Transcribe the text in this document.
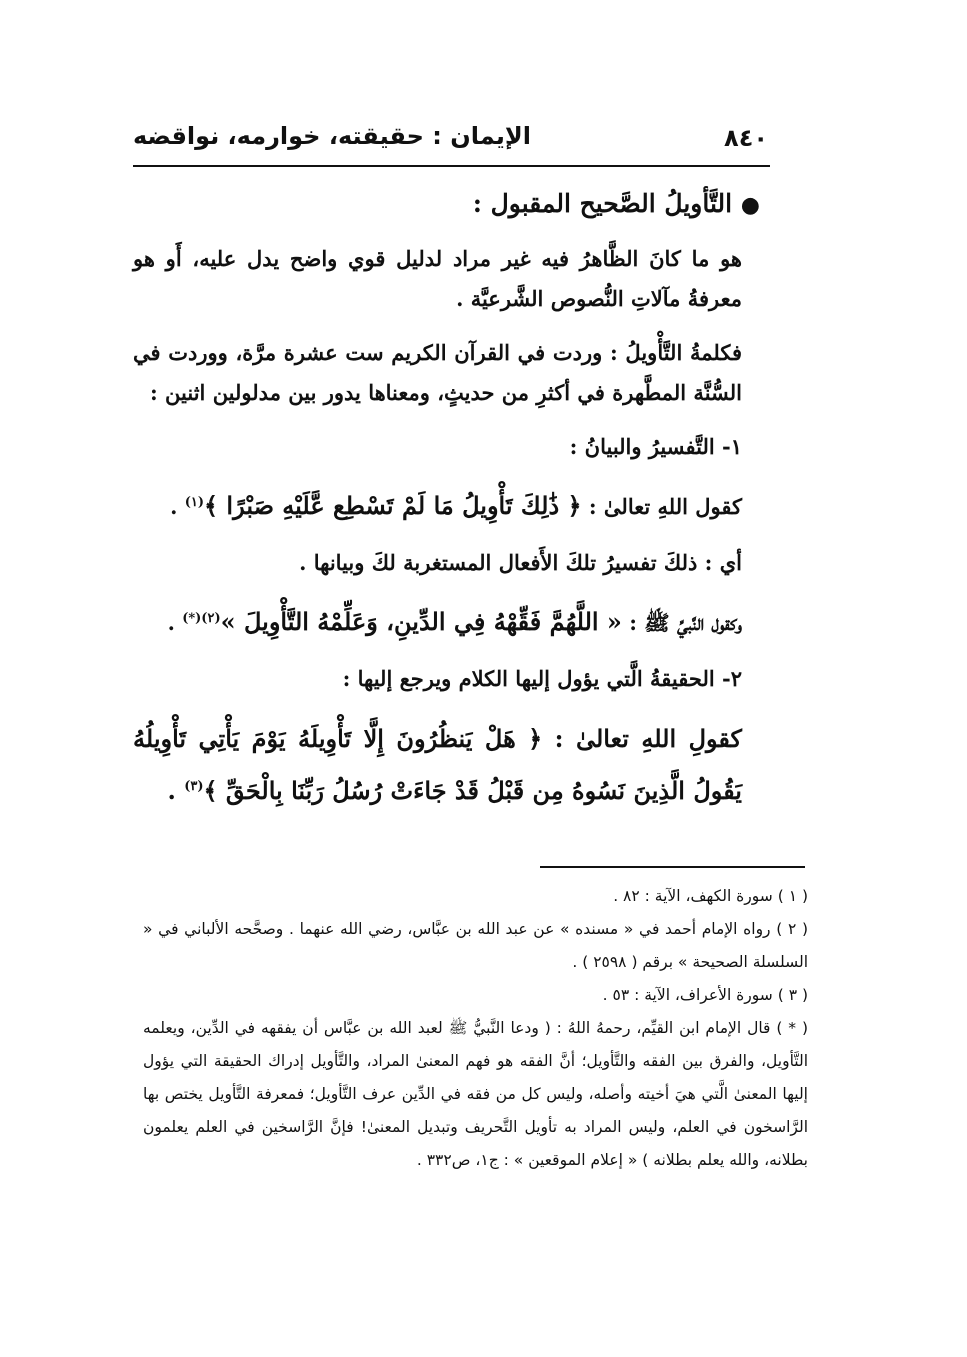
٨٤٠
الإيمان : حقيقته، خوارمه، نواقضه

● التَّأويلُ الصَّحيح المقبول :

هو ما كانَ الظَّاهرُ فيه غير مراد لدليل قوي واضح يدل عليه، أَو هو معرفةُ مآلاتِ النُّصوص الشَّرعيَّة .

فكلمةُ التَّأْويلُ : وردت في القرآن الكريم ست عشرة مرَّة، ووردت في السُّنَّة المطَّهرة في أكثرِ من حديثٍ، ومعناها يدور بين مدلولين اثنين :

١- التَّفسيرُ والبيانُ :

كقول اللهِ تعالىٰ : ﴿ ذَٰلِكَ تَأْوِيلُ مَا لَمْ تَسْطِع عَّلَيْهِ صَبْرًا ﴾$^{(١)}$ .

أي : ذلكَ تفسيرُ تلكَ الأَفعال المستغربة لكَ وبيانها .

وكقول النَّبيِّ ﷺ : « اللَّهُمَّ فَقِّهْهُ فِي الدِّينِ، وَعَلِّمْهُ التَّأْوِيلَ »$^{(٢)(*)}$ .

٢- الحقيقةُ الَّتي يؤول إليها الكلام ويرجع إليها :

كقولِ اللهِ تعالىٰ : ﴿ هَلْ يَنظُرُونَ إِلَّا تَأْوِيلَهُ يَوْمَ يَأْتِي تَأْوِيلُهُ يَقُولُ الَّذِينَ نَسُوهُ مِن قَبْلُ قَدْ جَاءَتْ رُسُلُ رَبِّنَا بِالْحَقِّ ﴾$^{(٣)}$ .

( ١ ) سورة الكهف، الآية : ٨٢ .

( ٢ ) رواه الإمام أحمد في « مسنده » عن عبد الله بن عبَّاس، رضي الله عنهما . وصحَّحه الألباني في « السلسلة الصحيحة » برقم ( ٢٥٩٨ ) .

( ٣ ) سورة الأعراف، الآية : ٥٣ .

( * ) قال الإمام ابن القيِّم، رحمهُ اللهُ : ( ودعا النَّبيُّ ﷺ لعبد الله بن عبَّاس أن يفقهه في الدِّين، ويعلمه التَّأويل، والفرق بين الفقه والتَّأويل؛ أنَّ الفقه هو فهم المعنىٰ المراد، والتَّأويل إدراك الحقيقة التي يؤول إليها المعنىٰ الَّتي هيَ أخيته وأصله، وليس كل من فقه في الدِّين عرف التَّأويل؛ فمعرفة التَّأويل يختص بها الرَّاسخون في العلم، وليس المراد به تأويل التَّحريف وتبديل المعنىٰ! فإنَّ الرَّاسخين في العلم يعلمون بطلانه، والله يعلم بطلانه ) « إعلام الموقعين » : ج١، ص٣٣٢ .
